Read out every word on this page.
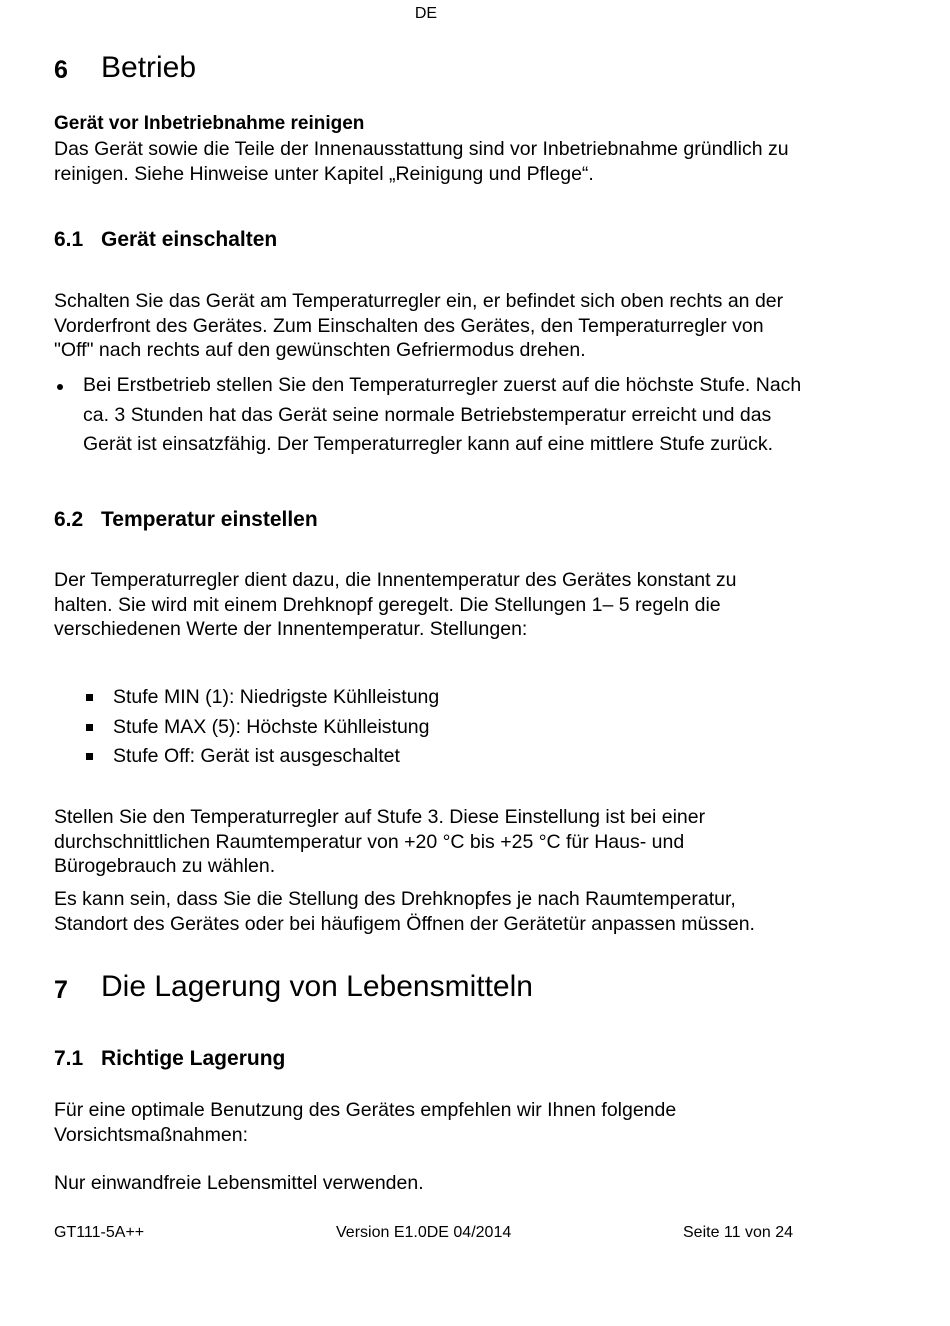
DE
6 Betrieb
Gerät vor Inbetriebnahme reinigen
Das Gerät sowie die Teile der Innenausstattung sind vor Inbetriebnahme gründlich zu
reinigen. Siehe Hinweise unter Kapitel „Reinigung und Pflege“.
6.1 Gerät einschalten
Schalten Sie das Gerät am Temperaturregler ein, er befindet sich oben rechts an der
Vorderfront des Gerätes. Zum Einschalten des Gerätes, den Temperaturregler von
"Off" nach rechts auf den gewünschten Gefriermodus drehen.
Bei Erstbetrieb stellen Sie den Temperaturregler zuerst auf die höchste Stufe. Nach
ca. 3 Stunden hat das Gerät seine normale Betriebstemperatur erreicht und das
Gerät ist einsatzfähig. Der Temperaturregler kann auf eine mittlere Stufe zurück.
6.2 Temperatur einstellen
Der Temperaturregler dient dazu, die Innentemperatur des Gerätes konstant zu
halten. Sie wird mit einem Drehknopf geregelt. Die Stellungen 1– 5 regeln die
verschiedenen Werte der Innentemperatur. Stellungen:
Stufe MIN (1): Niedrigste Kühlleistung
Stufe MAX (5): Höchste Kühlleistung
Stufe Off: Gerät ist ausgeschaltet
Stellen Sie den Temperaturregler auf Stufe 3. Diese Einstellung ist bei einer
durchschnittlichen Raumtemperatur von +20 °C bis +25 °C für Haus- und
Bürogebrauch zu wählen.
Es kann sein, dass Sie die Stellung des Drehknopfes je nach Raumtemperatur,
Standort des Gerätes oder bei häufigem Öffnen der Gerätetür anpassen müssen.
7 Die Lagerung von Lebensmitteln
7.1 Richtige Lagerung
Für eine optimale Benutzung des Gerätes empfehlen wir Ihnen folgende
Vorsichtsmaßnahmen:
Nur einwandfreie Lebensmittel verwenden.
GT111-5A++	Version E1.0DE 04/2014	Seite 11 von 24
